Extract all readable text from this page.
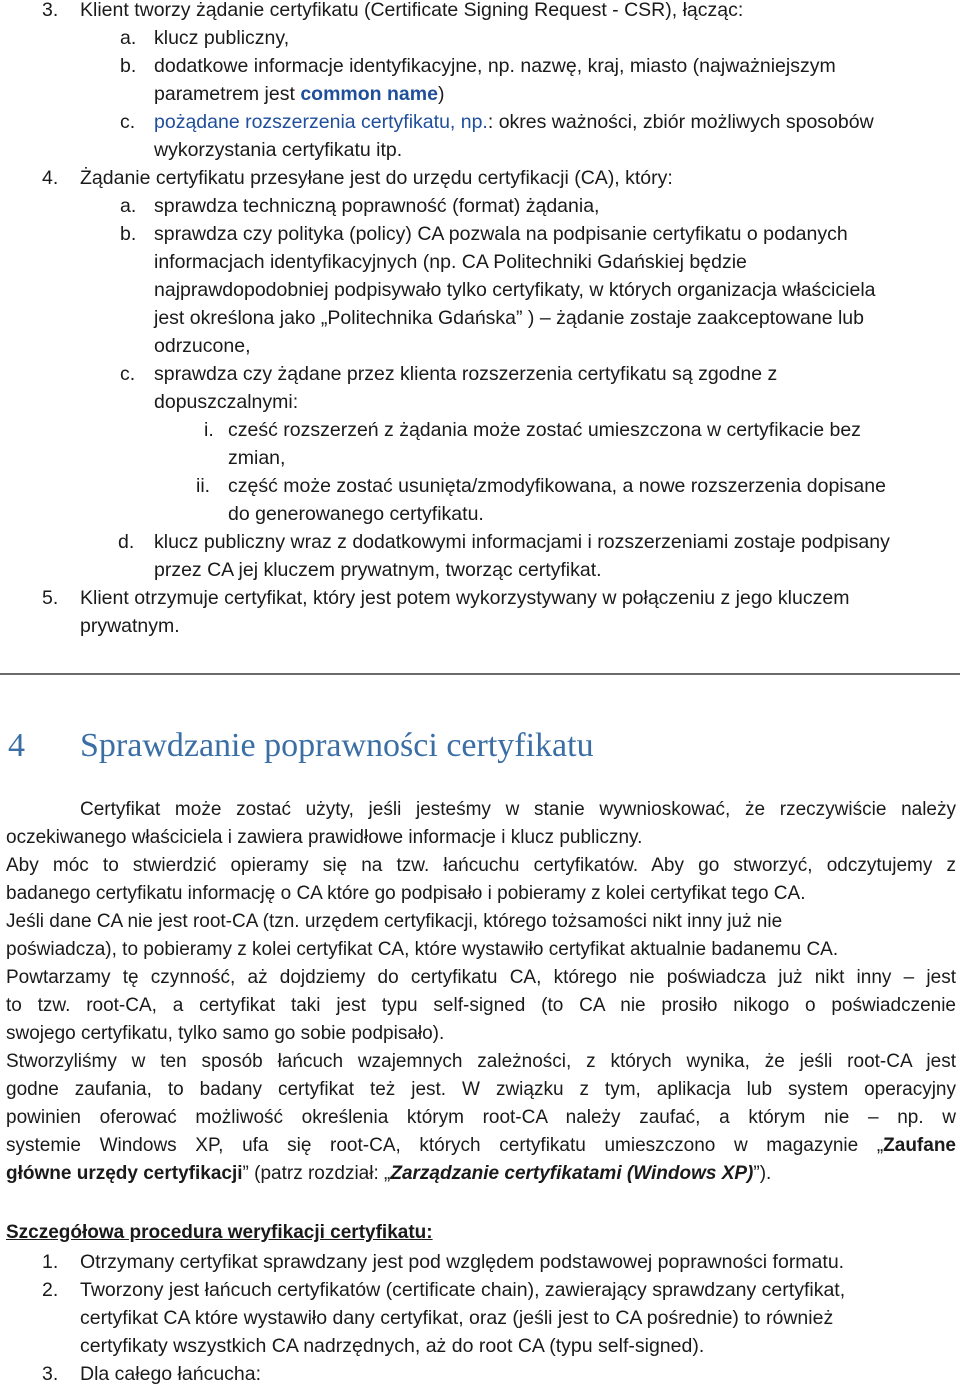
3. Klient tworzy żądanie certyfikatu (Certificate Signing Request - CSR), łącząc:
a. klucz publiczny,
b. dodatkowe informacje identyfikacyjne, np. nazwę, kraj, miasto (najważniejszym
parametrem jest common name)
c. pożądane rozszerzenia certyfikatu, np.: okres ważności, zbiór możliwych sposobów
wykorzystania certyfikatu itp.
4. Żądanie certyfikatu przesyłane jest do urzędu certyfikacji (CA), który:
a. sprawdza techniczną poprawność (format) żądania,
b. sprawdza czy polityka (policy) CA pozwala na podpisanie certyfikatu o podanych
informacjach identyfikacyjnych (np. CA Politechniki Gdańskiej będzie
najprawdopodobniej podpisywało tylko certyfikaty, w których organizacja właściciela
jest określona jako „Politechnika Gdańska” ) – żądanie zostaje zaakceptowane lub
odrzucone,
c. sprawdza czy żądane przez klienta rozszerzenia certyfikatu są zgodne z
dopuszczalnymi:
i. cześć rozszerzeń z żądania może zostać umieszczona w certyfikacie bez
zmian,
ii. część może zostać usunięta/zmodyfikowana, a nowe rozszerzenia dopisane
do generowanego certyfikatu.
d. klucz publiczny wraz z dodatkowymi informacjami i rozszerzeniami zostaje podpisany
przez CA jej kluczem prywatnym, tworząc certyfikat.
5. Klient otrzymuje certyfikat, który jest potem wykorzystywany w połączeniu z jego kluczem
prywatnym.
4 Sprawdzanie poprawności certyfikatu
Certyfikat może zostać użyty, jeśli jesteśmy w stanie wywnioskować, że rzeczywiście należy
oczekiwanego właściciela i zawiera prawidłowe informacje i klucz publiczny.
Aby móc to stwierdzić opieramy się na tzw. łańcuchu certyfikatów. Aby go stworzyć, odczytujemy z
badanego certyfikatu informację o CA które go podpisało i pobieramy z kolei certyfikat tego CA.
Jeśli dane CA nie jest root-CA (tzn. urzędem certyfikacji, którego tożsamości nikt inny już nie
poświadcza), to pobieramy z kolei certyfikat CA, które wystawiło certyfikat aktualnie badanemu CA.
Powtarzamy tę czynność, aż dojdziemy do certyfikatu CA, którego nie poświadcza już nikt inny – jest
to tzw. root-CA, a certyfikat taki jest typu self-signed (to CA nie prosiło nikogo o poświadczenie
swojego certyfikatu, tylko samo go sobie podpisało).
Stworzyliśmy w ten sposób łańcuch wzajemnych zależności, z których wynika, że jeśli root-CA jest
godne zaufania, to badany certyfikat też jest. W związku z tym, aplikacja lub system operacyjny
powinien oferować możliwość określenia którym root-CA należy zaufać, a którym nie – np. w
systemie Windows XP, ufa się root-CA, których certyfikatu umieszczono w magazynie „Zaufane
główne urzędy certyfikacji” (patrz rozdział: „Zarządzanie certyfikatami (Windows XP)”).
Szczegółowa procedura weryfikacji certyfikatu:
1. Otrzymany certyfikat sprawdzany jest pod względem podstawowej poprawności formatu.
2. Tworzony jest łańcuch certyfikatów (certificate chain), zawierający sprawdzany certyfikat,
certyfikat CA które wystawiło dany certyfikat, oraz (jeśli jest to CA pośrednie) to również
certyfikaty wszystkich CA nadrzędnych, aż do root CA (typu self-signed).
3. Dla całego łańcucha:
